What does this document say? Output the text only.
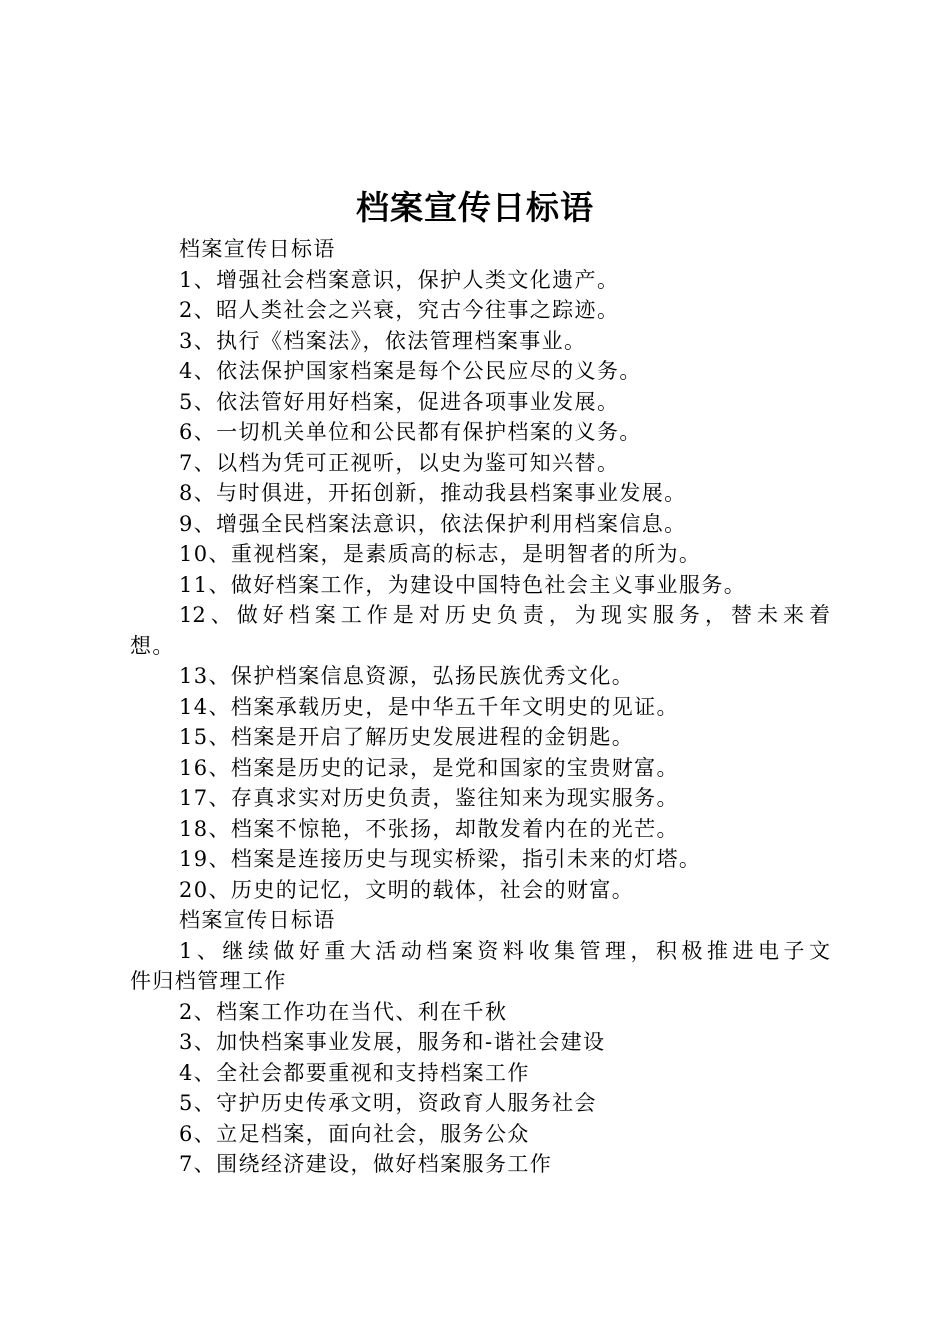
档案宣传日标语
档案宣传日标语
1、增强社会档案意识，保护人类文化遗产。
2、昭人类社会之兴衰，究古今往事之踪迹。
3、执行《档案法》，依法管理档案事业。
4、依法保护国家档案是每个公民应尽的义务。
5、依法管好用好档案，促进各项事业发展。
6、一切机关单位和公民都有保护档案的义务。
7、以档为凭可正视听，以史为鉴可知兴替。
8、与时俱进，开拓创新，推动我县档案事业发展。
9、增强全民档案法意识，依法保护利用档案信息。
10、重视档案，是素质高的标志，是明智者的所为。
11、做好档案工作，为建设中国特色社会主义事业服务。
12、做好档案工作是对历史负责，为现实服务，替未来着
想。
13、保护档案信息资源，弘扬民族优秀文化。
14、档案承载历史，是中华五千年文明史的见证。
15、档案是开启了解历史发展进程的金钥匙。
16、档案是历史的记录，是党和国家的宝贵财富。
17、存真求实对历史负责，鉴往知来为现实服务。
18、档案不惊艳，不张扬，却散发着内在的光芒。
19、档案是连接历史与现实桥梁，指引未来的灯塔。
20、历史的记忆，文明的载体，社会的财富。
档案宣传日标语
1、继续做好重大活动档案资料收集管理，积极推进电子文
件归档管理工作
2、档案工作功在当代、利在千秋
3、加快档案事业发展，服务和-谐社会建设
4、全社会都要重视和支持档案工作
5、守护历史传承文明，资政育人服务社会
6、立足档案，面向社会，服务公众
7、围绕经济建设，做好档案服务工作
